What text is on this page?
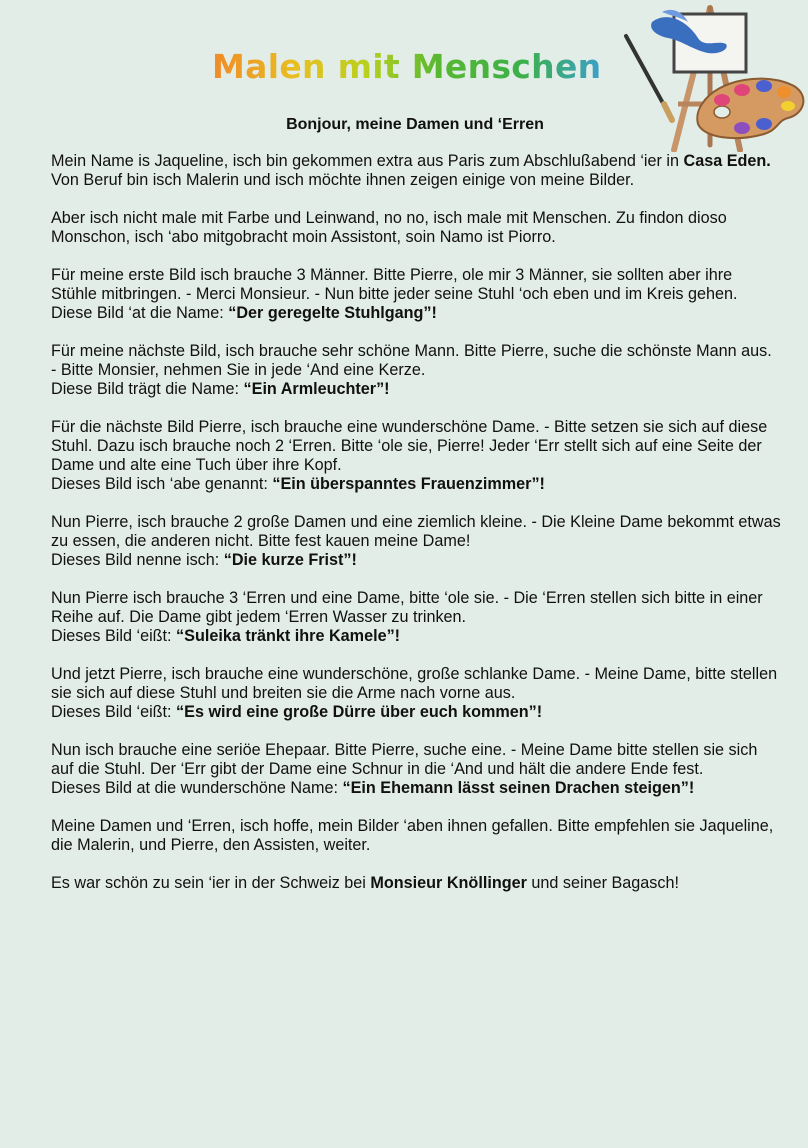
Malen mit Menschen
Bonjour, meine Damen und ‘Erren

Mein Name is Jaqueline, isch bin gekommen extra aus Paris zum Abschlußabend ‘ier in Casa Eden. Von Beruf bin isch Malerin und isch möchte ihnen zeigen einige von meine Bilder.

Aber isch nicht male mit Farbe und Leinwand, no no, isch male mit Menschen. Zu findon dioso Monschon, isch ‘abo mitgobracht moin Assistont, soin Namo ist Piorro.

Für meine erste Bild isch brauche 3 Männer. Bitte Pierre, ole mir 3 Männer, sie sollten aber ihre Stühle mitbringen. - Merci Monsieur. - Nun bitte jeder seine Stuhl ‘och eben und im Kreis gehen.
Diese Bild ‘at die Name: “Der geregelte Stuhlgang”!

Für meine nächste Bild, isch brauche sehr schöne Mann. Bitte Pierre, suche die schönste Mann aus. - Bitte Monsier, nehmen Sie in jede ‘And eine Kerze.
Diese Bild trägt die Name: “Ein Armleuchter”!

Für die nächste Bild Pierre, isch brauche eine wunderschöne Dame. - Bitte setzen sie sich auf diese Stuhl. Dazu isch brauche noch 2 ‘Erren. Bitte ‘ole sie, Pierre! Jeder ‘Err stellt sich auf eine Seite der Dame und alte eine Tuch über ihre Kopf.
Dieses Bild isch ‘abe genannt: “Ein überspanntes Frauenzimmer”!

Nun Pierre, isch brauche 2 große Damen und eine ziemlich kleine. - Die Kleine Dame bekommt etwas zu essen, die anderen nicht. Bitte fest kauen meine Dame!
Dieses Bild nenne isch: “Die kurze Frist”!

Nun Pierre isch brauche 3 ‘Erren und eine Dame, bitte ‘ole sie. - Die ‘Erren stellen sich bitte in einer Reihe auf. Die Dame gibt jedem ‘Erren Wasser zu trinken.
Dieses Bild ‘eißt: “Suleika tränkt ihre Kamele”!

Und jetzt Pierre, isch brauche eine wunderschöne, große schlanke Dame. - Meine Dame, bitte stellen sie sich auf diese Stuhl und breiten sie die Arme nach vorne aus.
Dieses Bild ‘eißt: “Es wird eine große Dürre über euch kommen”!

Nun isch brauche eine seriöe Ehepaar. Bitte Pierre, suche eine. - Meine Dame bitte stellen sie sich auf die Stuhl. Der ‘Err gibt der Dame eine Schnur in die ‘And und hält die andere Ende fest.
Dieses Bild at die wunderschöne Name: “Ein Ehemann lässt seinen Drachen steigen”!

Meine Damen und ‘Erren, isch hoffe, mein Bilder ‘aben ihnen gefallen. Bitte empfehlen sie Jaqueline, die Malerin, und Pierre, den Assisten, weiter.

Es war schön zu sein ‘ier in der Schweiz bei Monsieur Knöllinger und seiner Bagasch!
